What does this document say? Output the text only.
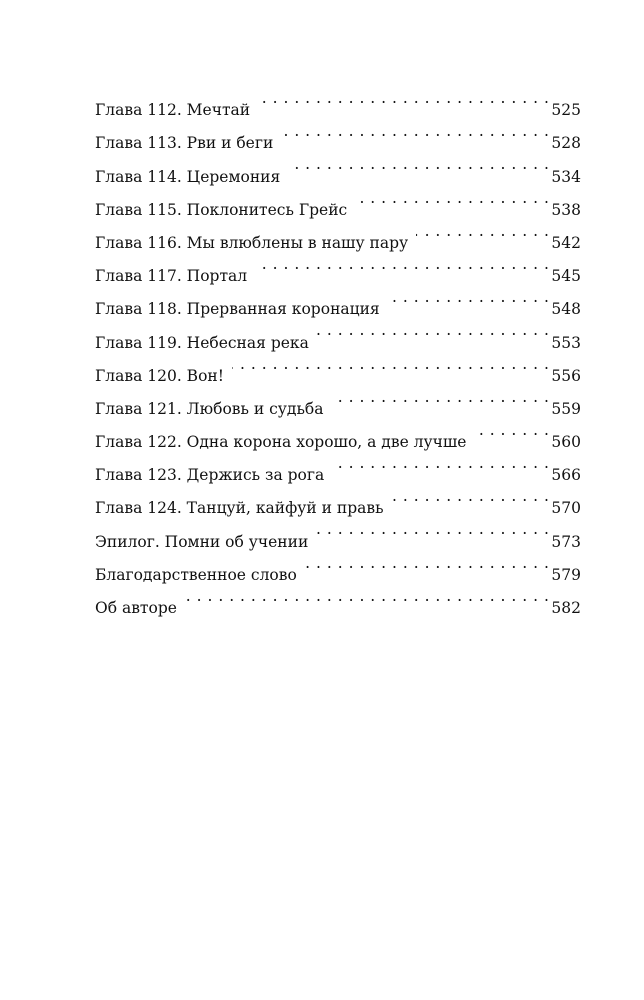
Глава 112. Мечтай . . .	525
Глава 113. Рви и беги . . .	528
Глава 114. Церемония . . .	534
Глава 115. Поклонитесь Грейс . . .	538
Глава 116. Мы влюблены в нашу пару . . .	542
Глава 117. Портал . . .	545
Глава 118. Прерванная коронация . . .	548
Глава 119. Небесная река . . .	553
Глава 120. Вон! . . .	556
Глава 121. Любовь и судьба . . .	559
Глава 122. Одна корона хорошо, а две лучше . . .	560
Глава 123. Держись за рога . . .	566
Глава 124. Танцуй, кайфуй и правь . . .	570
Эпилог. Помни об учении . . .	573
Благодарственное слово . . .	579
Об авторе . . .	582
